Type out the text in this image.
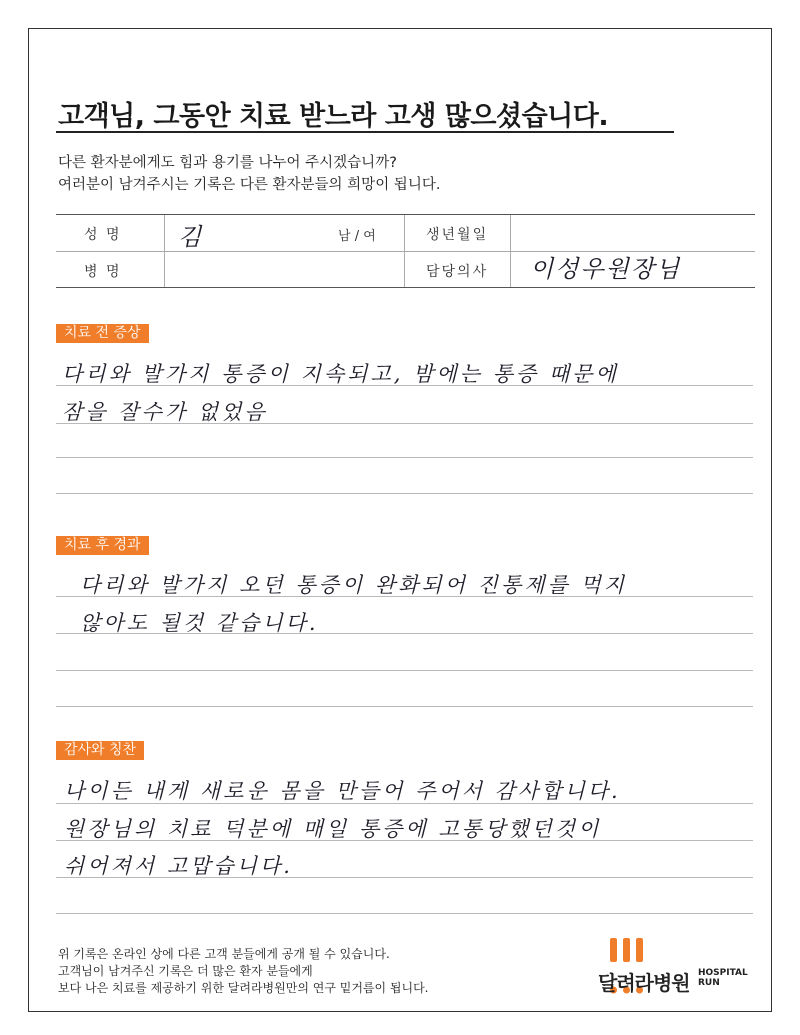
고객님, 그동안 치료 받느라 고생 많으셨습니다.
다른 환자분에게도 힘과 용기를 나누어 주시겠습니까?
여러분이 남겨주시는 기록은 다른 환자분들의 희망이 됩니다.
성 명 김	남 / 여	생년월일
병 명	담당의사 이성우원장님
치료 전 증상
다리와 발가지 통증이 지속되고, 밤에는 통증 때문에
잠을 잘수가 없었음
치료 후 경과
다리와 발가지 오던 통증이 완화되어 진통제를 먹지
않아도 될것 같습니다.
감사와 칭찬
나이든 내게 새로운 몸을 만들어 주어서 감사합니다.
원장님의 치료 덕분에 매일 통증에 고통당했던것이
쉬어져서 고맙습니다.
위 기록은 온라인 상에 다른 고객 분들에게 공개 될 수 있습니다.
고객님이 남겨주신 기록은 더 많은 환자 분들에게
보다 나은 치료를 제공하기 위한 달려라병원만의 연구 밑거름이 됩니다.	달려라병원 HOSPITAL RUN
